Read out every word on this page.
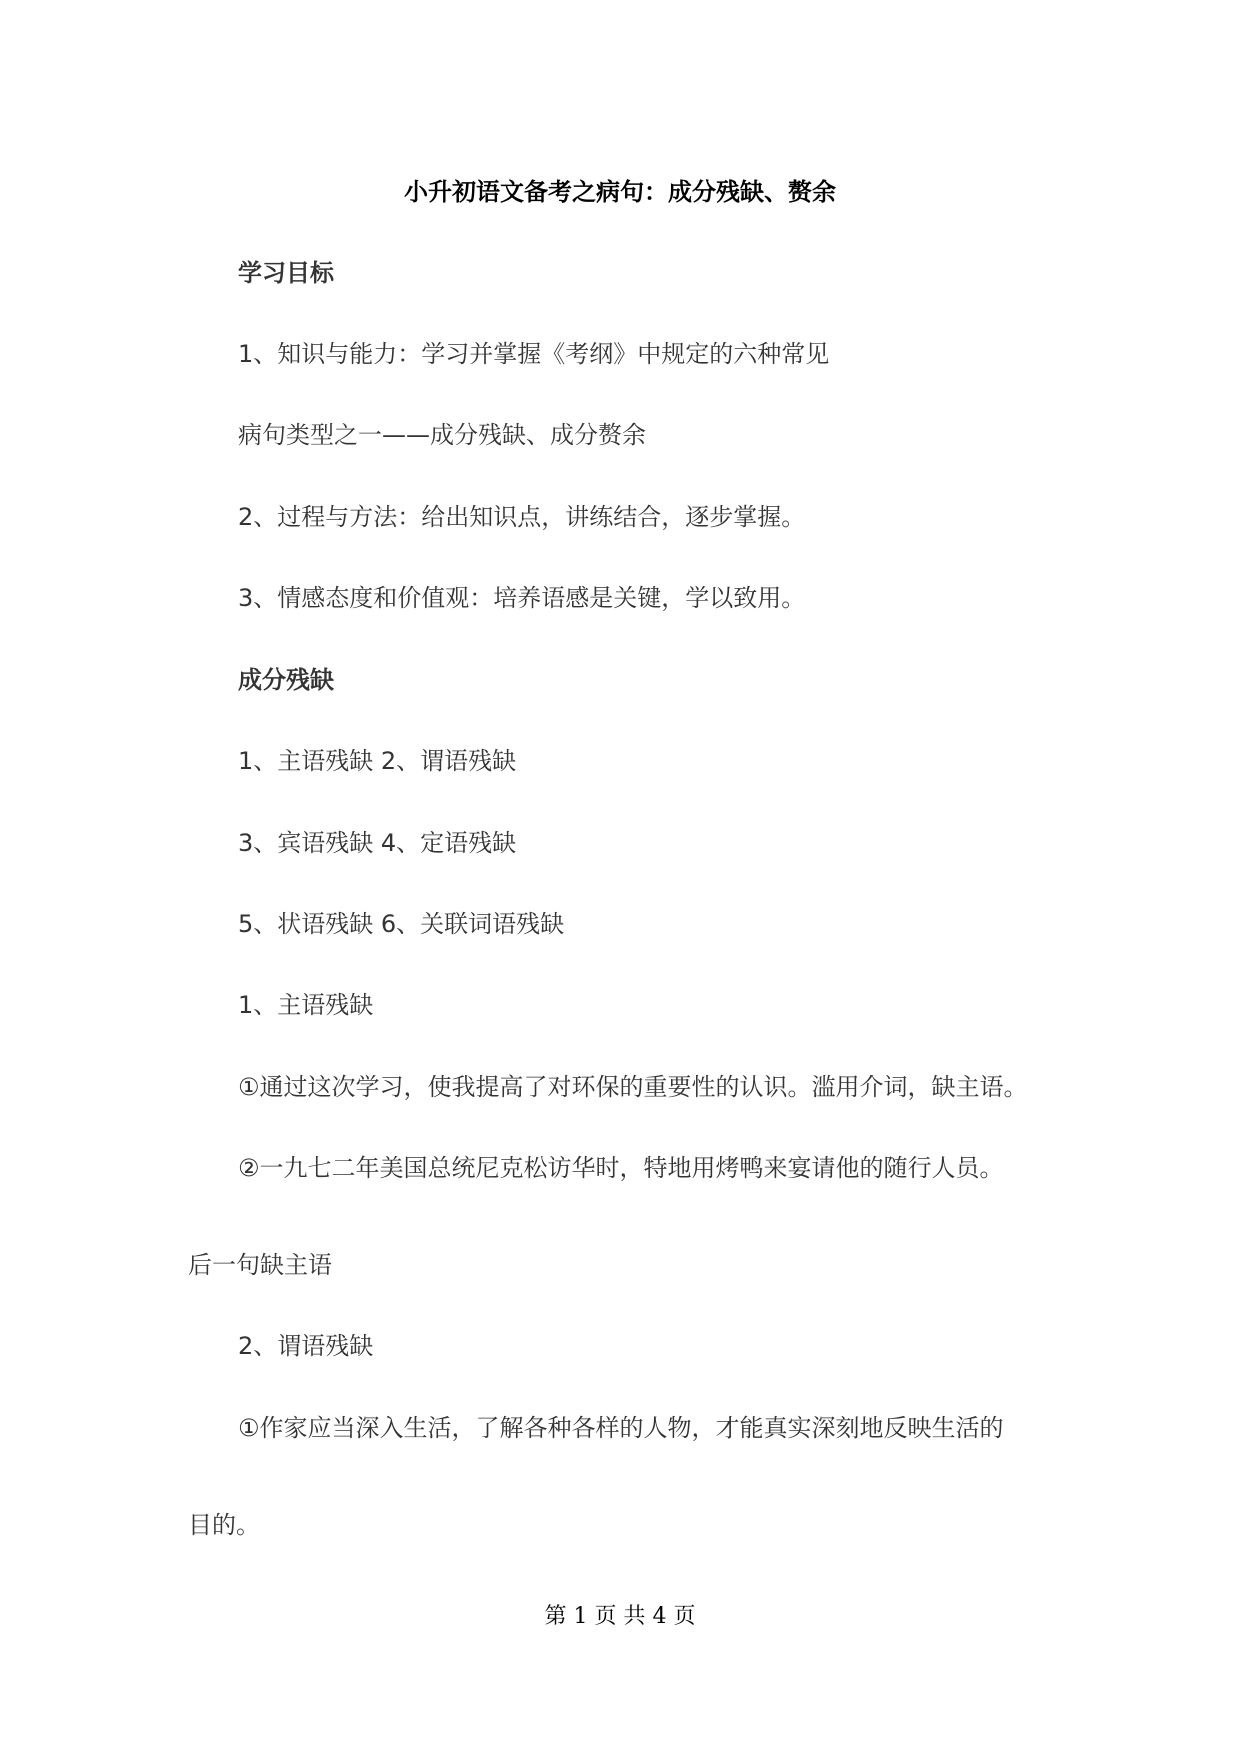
小升初语文备考之病句：成分残缺、赘余
学习目标
1、知识与能力：学习并掌握《考纲》中规定的六种常见
病句类型之一——成分残缺、成分赘余
2、过程与方法：给出知识点，讲练结合，逐步掌握。
3、情感态度和价值观：培养语感是关键，学以致用。
成分残缺
1、主语残缺 2、谓语残缺
3、宾语残缺 4、定语残缺
5、状语残缺 6、关联词语残缺
1、主语残缺
①通过这次学习，使我提高了对环保的重要性的认识。滥用介词，缺主语。
②一九七二年美国总统尼克松访华时，特地用烤鸭来宴请他的随行人员。
后一句缺主语
2、谓语残缺
①作家应当深入生活，了解各种各样的人物，才能真实深刻地反映生活的
目的。
第 1 页 共 4 页
